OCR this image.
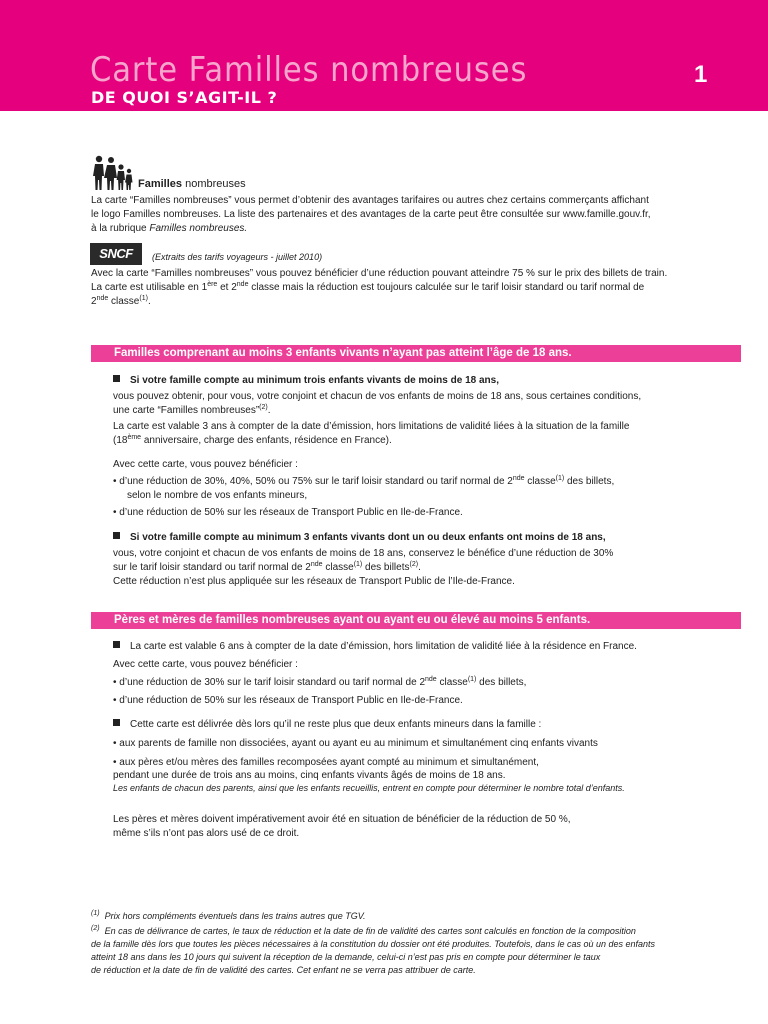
Carte Familles nombreuses
DE QUOI S’AGIT-IL ?
1
Familles nombreuses
La carte “Familles nombreuses” vous permet d’obtenir des avantages tarifaires ou autres chez certains commerçants affichant
le logo Familles nombreuses. La liste des partenaires et des avantages de la carte peut être consultée sur www.famille.gouv.fr,
à la rubrique Familles nombreuses.
SNCF	(Extraits des tarifs voyageurs - juillet 2010)
Avec la carte “Familles nombreuses” vous pouvez bénéficier d’une réduction pouvant atteindre 75 % sur le prix des billets de train.
La carte est utilisable en 1ère et 2nde classe mais la réduction est toujours calculée sur le tarif loisir standard ou tarif normal de
2nde classe$^{(1)}$.
Familles comprenant au moins 3 enfants vivants n’ayant pas atteint l’âge de 18 ans.
Si votre famille compte au minimum trois enfants vivants de moins de 18 ans,
vous pouvez obtenir, pour vous, votre conjoint et chacun de vos enfants de moins de 18 ans, sous certaines conditions,
une carte “Familles nombreuses”$^{(2)}$.
La carte est valable 3 ans à compter de la date d’émission, hors limitations de validité liées à la situation de la famille
(18ème anniversaire, charge des enfants, résidence en France).
Avec cette carte, vous pouvez bénéficier :
• d’une réduction de 30%, 40%, 50% ou 75% sur le tarif loisir standard ou tarif normal de 2nde classe$^{(1)}$ des billets,
selon le nombre de vos enfants mineurs,
• d’une réduction de 50% sur les réseaux de Transport Public en Ile-de-France.
Si votre famille compte au minimum 3 enfants vivants dont un ou deux enfants ont moins de 18 ans,
vous, votre conjoint et chacun de vos enfants de moins de 18 ans, conservez le bénéfice d’une réduction de 30%
sur le tarif loisir standard ou tarif normal de 2nde classe$^{(1)}$ des billets$^{(2)}$.
Cette réduction n’est plus appliquée sur les réseaux de Transport Public de l’Ile-de-France.
Pères et mères de familles nombreuses ayant ou ayant eu ou élevé au moins 5 enfants.
La carte est valable 6 ans à compter de la date d’émission, hors limitation de validité liée à la résidence en France.
Avec cette carte, vous pouvez bénéficier :
• d’une réduction de 30% sur le tarif loisir standard ou tarif normal de 2nde classe$^{(1)}$ des billets,
• d’une réduction de 50% sur les réseaux de Transport Public en Ile-de-France.
Cette carte est délivrée dès lors qu’il ne reste plus que deux enfants mineurs dans la famille :
• aux parents de famille non dissociées, ayant ou ayant eu au minimum et simultanément cinq enfants vivants
• aux pères et/ou mères des familles recomposées ayant compté au minimum et simultanément,
pendant une durée de trois ans au moins, cinq enfants vivants âgés de moins de 18 ans.
Les enfants de chacun des parents, ainsi que les enfants recueillis, entrent en compte pour déterminer le nombre total d’enfants.
Les pères et mères doivent impérativement avoir été en situation de bénéficier de la réduction de 50 %,
même s’ils n’ont pas alors usé de ce droit.
$^{(1)}$ Prix hors compléments éventuels dans les trains autres que TGV.
$^{(2)}$ En cas de délivrance de cartes, le taux de réduction et la date de fin de validité des cartes sont calculés en fonction de la composition
de la famille dès lors que toutes les pièces nécessaires à la constitution du dossier ont été produites. Toutefois, dans le cas où un des enfants
atteint 18 ans dans les 10 jours qui suivent la réception de la demande, celui-ci n’est pas pris en compte pour déterminer le taux
de réduction et la date de fin de validité des cartes. Cet enfant ne se verra pas attribuer de carte.
